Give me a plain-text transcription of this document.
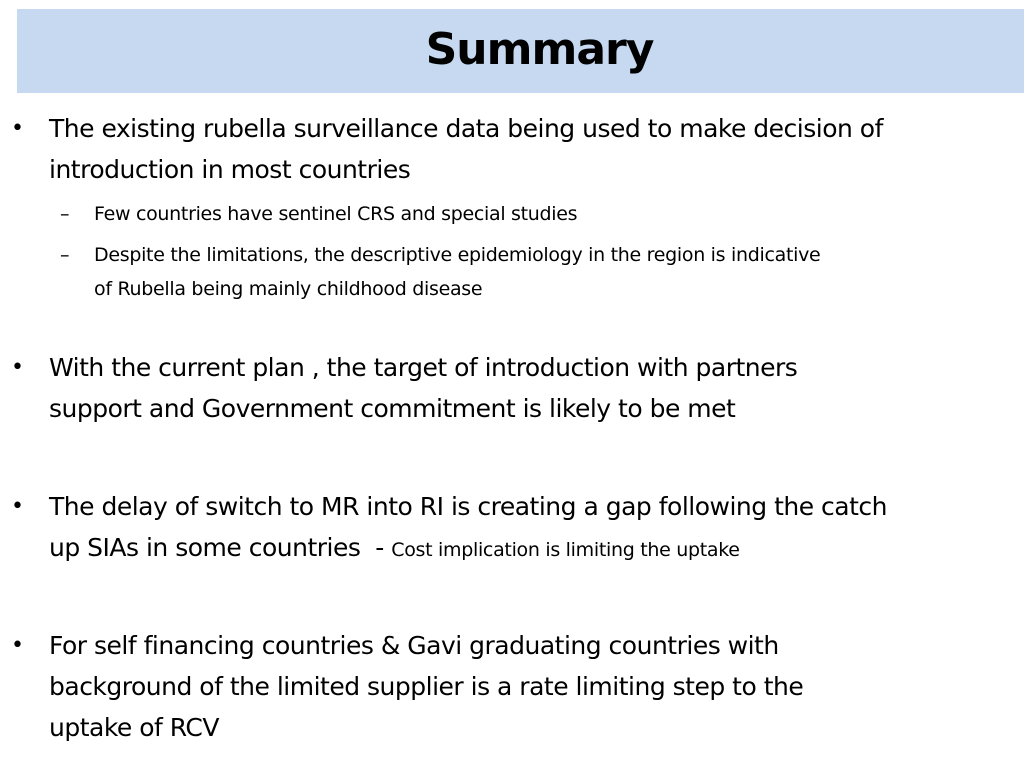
Summary
• The existing rubella surveillance data being used to make decision of
introduction in most countries
– Few countries have sentinel CRS and special studies
– Despite the limitations, the descriptive epidemiology in the region is indicative
of Rubella being mainly childhood disease
• With the current plan , the target of introduction with partners
support and Government commitment is likely to be met
• The delay of switch to MR into RI is creating a gap following the catch
up SIAs in some countries  - Cost implication is limiting the uptake
• For self financing countries & Gavi graduating countries with
background of the limited supplier is a rate limiting step to the
uptake of RCV
